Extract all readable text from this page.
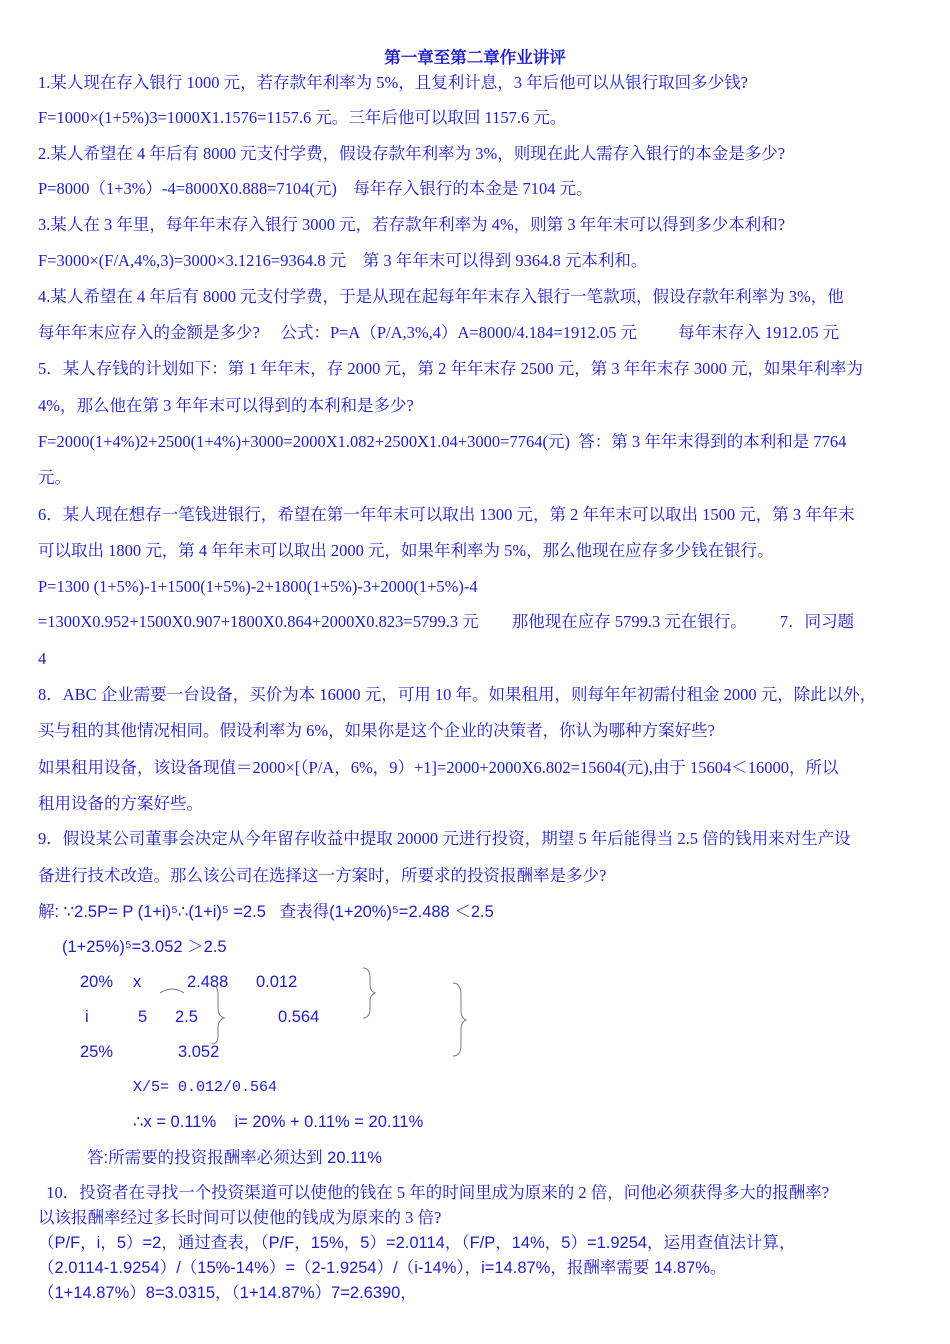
第一章至第二章作业讲评
1.某人现在存入银行 1000 元，若存款年利率为 5%，且复利计息，3 年后他可以从银行取回多少钱?
F=1000×(1+5%)3=1000X1.1576=1157.6 元。三年后他可以取回 1157.6 元。
2.某人希望在 4 年后有 8000 元支付学费，假设存款年利率为 3%，则现在此人需存入银行的本金是多少?
P=8000（1+3%）-4=8000X0.888=7104(元)    每年存入银行的本金是 7104 元。
3.某人在 3 年里，每年年末存入银行 3000 元，若存款年利率为 4%，则第 3 年年末可以得到多少本利和?
F=3000×(F/A,4%,3)=3000×3.1216=9364.8 元    第 3 年年末可以得到 9364.8 元本利和。
4.某人希望在 4 年后有 8000 元支付学费，于是从现在起每年年末存入银行一笔款项，假设存款年利率为 3%，他
每年年末应存入的金额是多少?     公式：P=A（P/A,3%,4）A=8000/4.184=1912.05 元          每年末存入 1912.05 元
5．某人存钱的计划如下：第 1 年年末，存 2000 元，第 2 年年末存 2500 元，第 3 年年末存 3000 元，如果年利率为
4%，那么他在第 3 年年末可以得到的本利和是多少?
F=2000(1+4%)2+2500(1+4%)+3000=2000X1.082+2500X1.04+3000=7764(元)  答：第 3 年年末得到的本利和是 7764
元。
6．某人现在想存一笔钱进银行，希望在第一年年末可以取出 1300 元，第 2 年年末可以取出 1500 元，第 3 年年末
可以取出 1800 元，第 4 年年末可以取出 2000 元，如果年利率为 5%，那么他现在应存多少钱在银行。
P=1300 (1+5%)-1+1500(1+5%)-2+1800(1+5%)-3+2000(1+5%)-4
=1300X0.952+1500X0.907+1800X0.864+2000X0.823=5799.3 元        那他现在应存 5799.3 元在银行。        7．同习题
4
8．ABC 企业需要一台设备，买价为本 16000 元，可用 10 年。如果租用，则每年年初需付租金 2000 元，除此以外，
买与租的其他情况相同。假设利率为 6%，如果你是这个企业的决策者，你认为哪种方案好些?
如果租用设备，该设备现值＝2000×[（P/A，6%，9）+1]=2000+2000X6.802=15604(元),由于 15604＜16000，所以
租用设备的方案好些。
9．假设某公司董事会决定从今年留存收益中提取 20000 元进行投资，期望 5 年后能得当 2.5 倍的钱用来对生产设
备进行技术改造。那么该公司在选择这一方案时，所要求的投资报酬率是多少?
解: ∵2.5P= P (1+i)⁵∴(1+i)⁵ =2.5   查表得(1+20%)⁵=2.488 ＜2.5
(1+25%)⁵=3.052 ＞2.5
20% x	2.488 0.012
i	5 2.5	0.564
25%	3.052
X/5= 0.012/0.564
∴x = 0.11%    i= 20% + 0.11% = 20.11%
答:所需要的投资报酬率必须达到 20.11%
10．投资者在寻找一个投资渠道可以使他的钱在 5 年的时间里成为原来的 2 倍，问他必须获得多大的报酬率?
以该报酬率经过多长时间可以使他的钱成为原来的 3 倍?
（P/F，i，5）=2，通过查表，（P/F，15%，5）=2.0114，（F/P，14%，5）=1.9254，运用查值法计算，
（2.0114-1.9254）/（15%-14%）=（2-1.9254）/（i-14%），i=14.87%，报酬率需要 14.87%。
（1+14.87%）8=3.0315，（1+14.87%）7=2.6390，
